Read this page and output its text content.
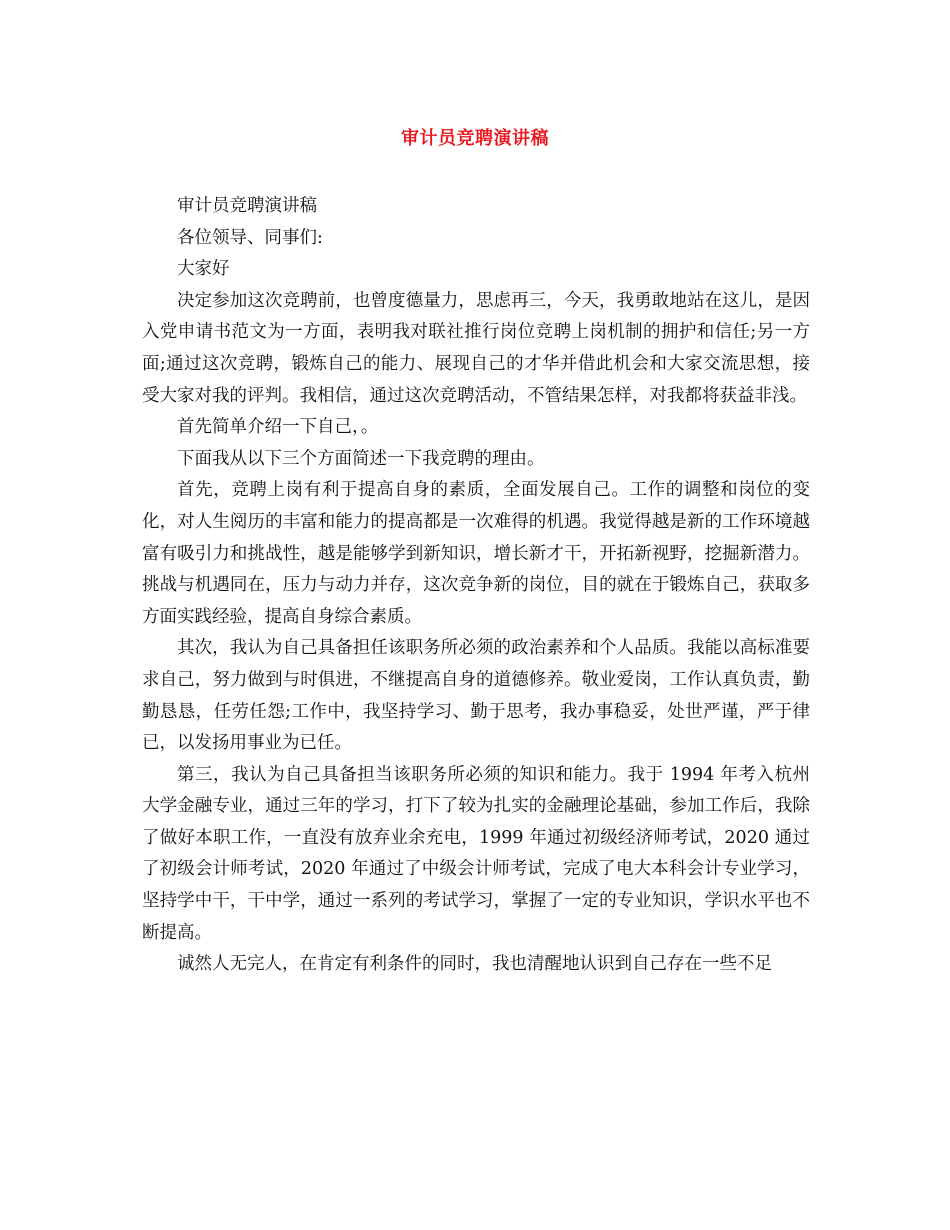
审计员竞聘演讲稿

审计员竞聘演讲稿

各位领导、同事们:

大家好

决定参加这次竞聘前，也曾度德量力，思虑再三，今天，我勇敢地站在这儿，是因入党申请书范文为一方面，表明我对联社推行岗位竞聘上岗机制的拥护和信任;另一方面;通过这次竞聘，锻炼自己的能力、展现自己的才华并借此机会和大家交流思想，接受大家对我的评判。我相信，通过这次竞聘活动，不管结果怎样，对我都将获益非浅。

首先简单介绍一下自己，。

下面我从以下三个方面简述一下我竞聘的理由。

首先，竞聘上岗有利于提高自身的素质，全面发展自己。工作的调整和岗位的变化，对人生阅历的丰富和能力的提高都是一次难得的机遇。我觉得越是新的工作环境越富有吸引力和挑战性，越是能够学到新知识，增长新才干，开拓新视野，挖掘新潜力。挑战与机遇同在，压力与动力并存，这次竞争新的岗位，目的就在于锻炼自己，获取多方面实践经验，提高自身综合素质。

其次，我认为自己具备担任该职务所必须的政治素养和个人品质。我能以高标准要求自己，努力做到与时俱进，不继提高自身的道德修养。敬业爱岗，工作认真负责，勤勤恳恳，任劳任怨;工作中，我坚持学习、勤于思考，我办事稳妥，处世严谨，严于律已，以发扬用事业为已任。

第三，我认为自己具备担当该职务所必须的知识和能力。我于 1994 年考入杭州大学金融专业，通过三年的学习，打下了较为扎实的金融理论基础，参加工作后，我除了做好本职工作，一直没有放弃业余充电，1999 年通过初级经济师考试，2020 通过了初级会计师考试，2020 年通过了中级会计师考试，完成了电大本科会计专业学习，坚持学中干，干中学，通过一系列的考试学习，掌握了一定的专业知识，学识水平也不断提高。

诚然人无完人，在肯定有利条件的同时，我也清醒地认识到自己存在一些不足
